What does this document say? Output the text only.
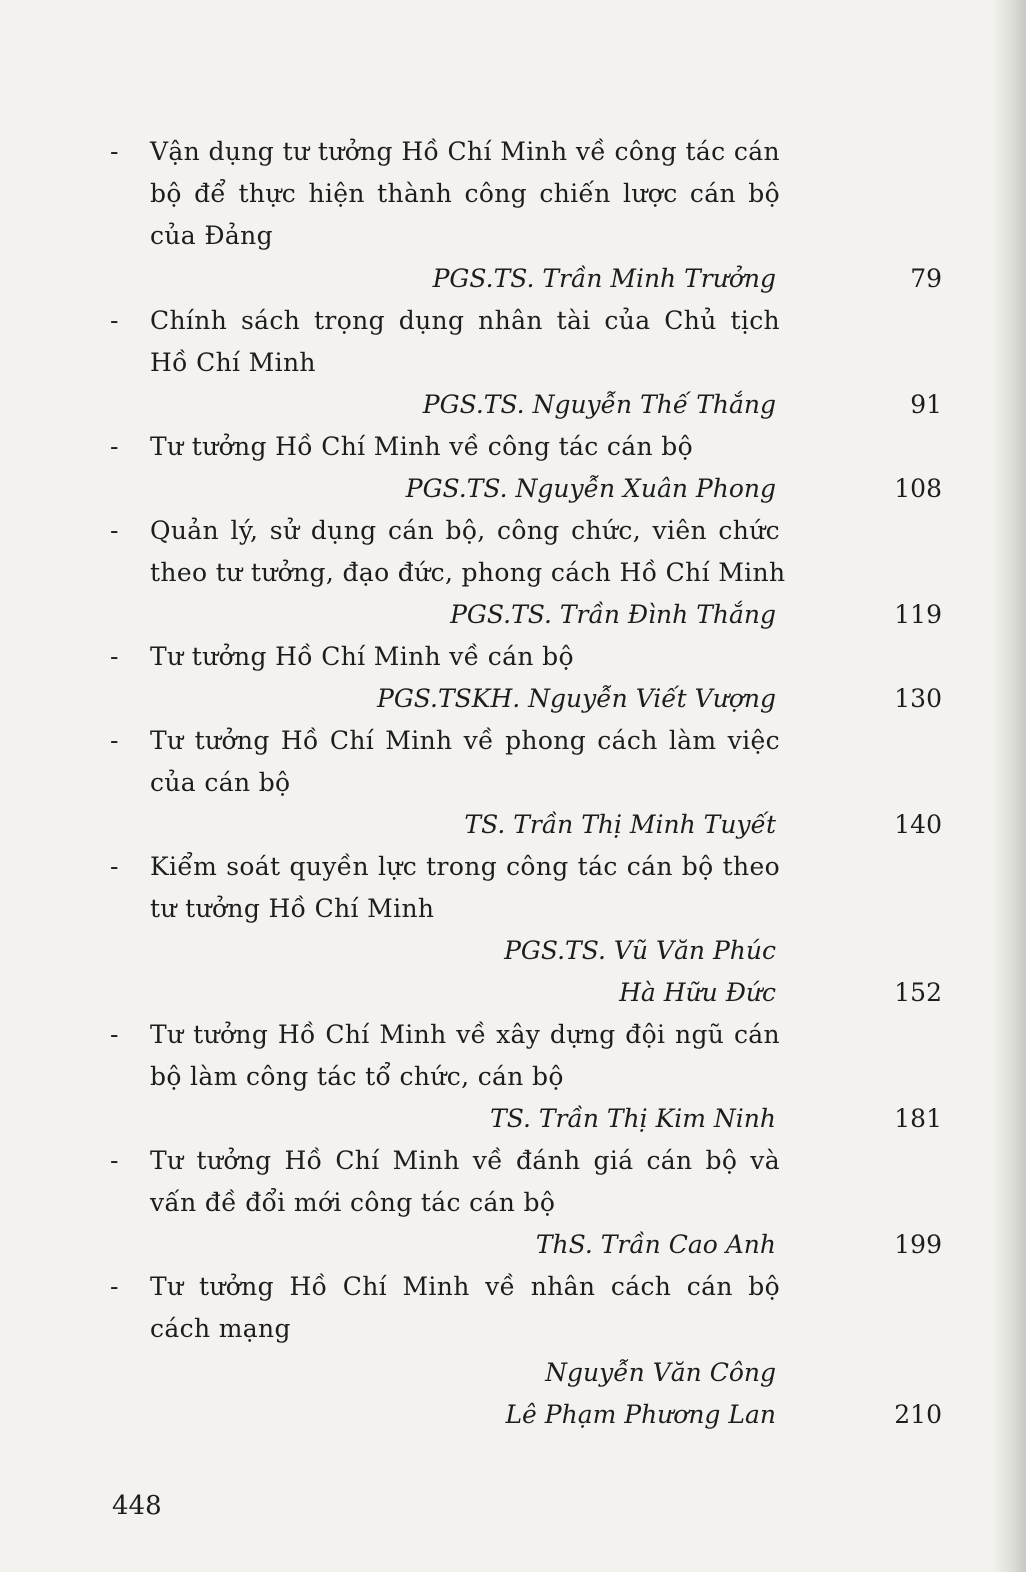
- Vận dụng tư tưởng Hồ Chí Minh về công tác cán
bộ để thực hiện thành công chiến lược cán bộ
của Đảng
PGS.TS. Trần Minh Trưởng	79
- Chính sách trọng dụng nhân tài của Chủ tịch
Hồ Chí Minh
PGS.TS. Nguyễn Thế Thắng	91
- Tư tưởng Hồ Chí Minh về công tác cán bộ
PGS.TS. Nguyễn Xuân Phong	108
- Quản lý, sử dụng cán bộ, công chức, viên chức
theo tư tưởng, đạo đức, phong cách Hồ Chí Minh
PGS.TS. Trần Đình Thắng	119
- Tư tưởng Hồ Chí Minh về cán bộ
PGS.TSKH. Nguyễn Viết Vượng	130
- Tư tưởng Hồ Chí Minh về phong cách làm việc
của cán bộ
TS. Trần Thị Minh Tuyết	140
- Kiểm soát quyền lực trong công tác cán bộ theo
tư tưởng Hồ Chí Minh
PGS.TS. Vũ Văn Phúc
Hà Hữu Đức	152
- Tư tưởng Hồ Chí Minh về xây dựng đội ngũ cán
bộ làm công tác tổ chức, cán bộ
TS. Trần Thị Kim Ninh	181
- Tư tưởng Hồ Chí Minh về đánh giá cán bộ và
vấn đề đổi mới công tác cán bộ
ThS. Trần Cao Anh	199
- Tư tưởng Hồ Chí Minh về nhân cách cán bộ
cách mạng
Nguyễn Văn Công
Lê Phạm Phương Lan	210
448
